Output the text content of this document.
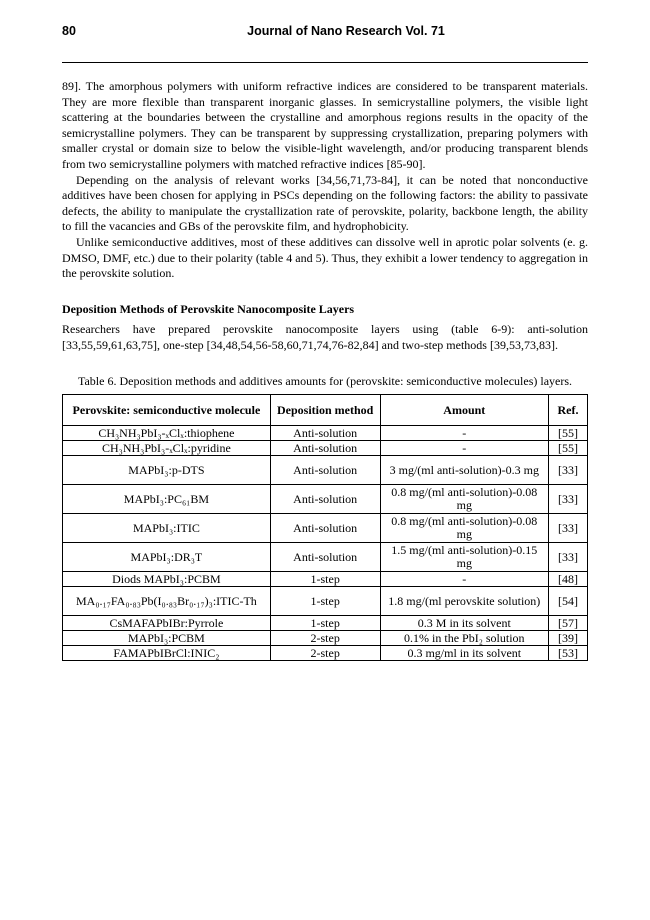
80	Journal of Nano Research Vol. 71

89]. The amorphous polymers with uniform refractive indices are considered to be transparent materials. They are more flexible than transparent inorganic glasses. In semicrystalline polymers, the visible light scattering at the boundaries between the crystalline and amorphous regions results in the opacity of the semicrystalline polymers. They can be transparent by suppressing crystallization, preparing polymers with smaller crystal or domain size to below the visible-light wavelength, and/or producing transparent blends from two semicrystalline polymers with matched refractive indices [85-90].

Depending on the analysis of relevant works [34,56,71,73-84], it can be noted that nonconductive additives have been chosen for applying in PSCs depending on the following factors: the ability to passivate defects, the ability to manipulate the crystallization rate of perovskite, polarity, backbone length, the ability to fill the vacancies and GBs of the perovskite film, and hydrophobicity.

Unlike semiconductive additives, most of these additives can dissolve well in aprotic polar solvents (e. g. DMSO, DMF, etc.) due to their polarity (table 4 and 5). Thus, they exhibit a lower tendency to aggregation in the perovskite solution.

Deposition Methods of Perovskite Nanocomposite Layers

Researchers have prepared perovskite nanocomposite layers using (table 6-9): anti-solution [33,55,59,61,63,75], one-step [34,48,54,56-58,60,71,74,76-82,84] and two-step methods [39,53,73,83].

Table 6. Deposition methods and additives amounts for (perovskite: semiconductive molecules) layers.

Perovskite: semiconductive molecule	Deposition method	Amount	Ref.
CH₃NH₃PbI₃-ₓClₓ:thiophene	Anti-solution	-	[55]
CH₃NH₃PbI₃-ₓClₓ:pyridine	Anti-solution	-	[55]
MAPbI₃:p-DTS	Anti-solution	3 mg/(ml anti-solution)-0.3 mg	[33]
MAPbI₃:PC₆₁BM	Anti-solution	0.8 mg/(ml anti-solution)-0.08 mg	[33]
MAPbI₃:ITIC	Anti-solution	0.8 mg/(ml anti-solution)-0.08 mg	[33]
MAPbI₃:DR₃T	Anti-solution	1.5 mg/(ml anti-solution)-0.15 mg	[33]
Diods MAPbI₃:PCBM	1-step	-	[48]
MA₀.₁₇FA₀.₈₃Pb(I₀.₈₃Br₀.₁₇)₃:ITIC-Th	1-step	1.8 mg/(ml perovskite solution)	[54]
CsMAFAPbIBr:Pyrrole	1-step	0.3 M in its solvent	[57]
MAPbI₃:PCBM	2-step	0.1% in the PbI₂ solution	[39]
FAMAPbIBrCl:INIC₂	2-step	0.3 mg/ml in its solvent	[53]
